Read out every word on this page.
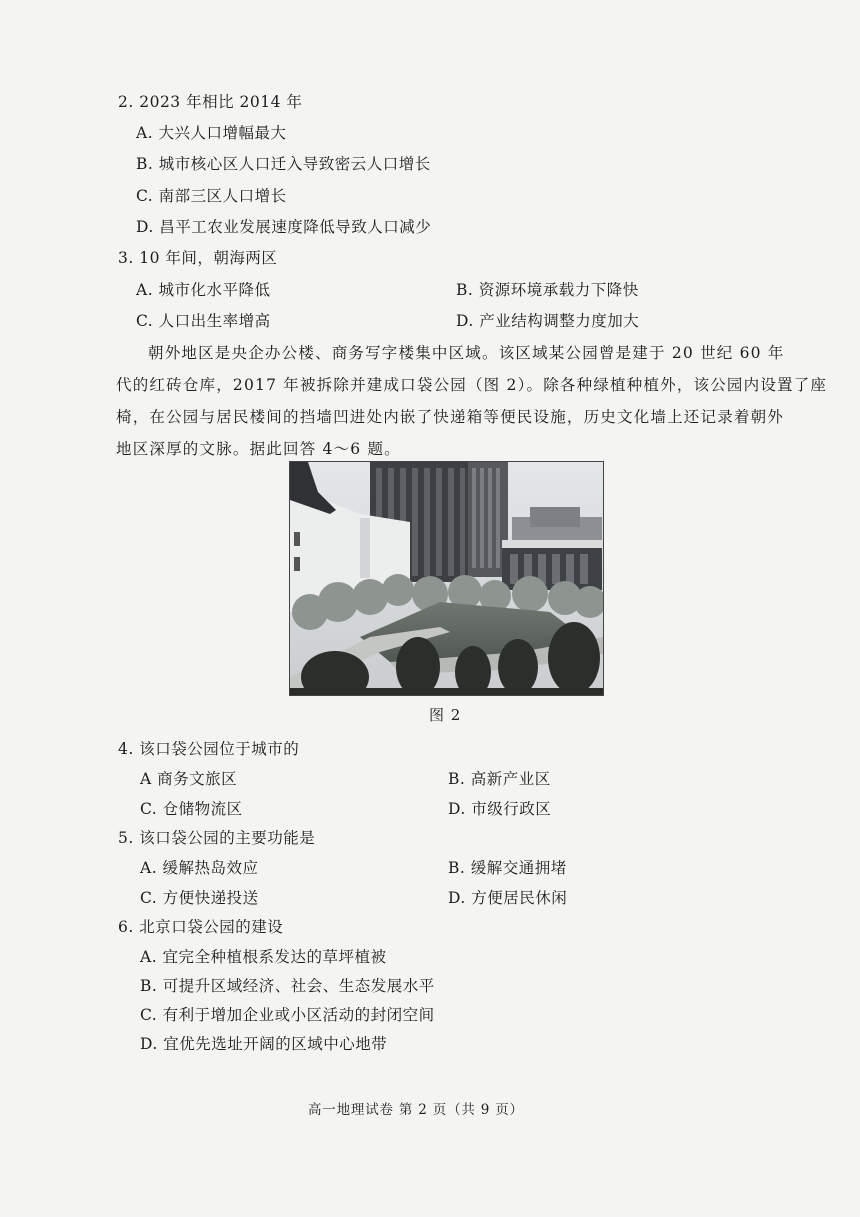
2. 2023 年相比 2014 年
A. 大兴人口增幅最大
B. 城市核心区人口迁入导致密云人口增长
C. 南部三区人口增长
D. 昌平工农业发展速度降低导致人口减少
3. 10 年间，朝海两区
A. 城市化水平降低	B. 资源环境承载力下降快
C. 人口出生率增高	D. 产业结构调整力度加大
朝外地区是央企办公楼、商务写字楼集中区域。该区域某公园曾是建于 20 世纪 60 年
代的红砖仓库，2017 年被拆除并建成口袋公园（图 2）。除各种绿植种植外，该公园内设置了座
椅，在公园与居民楼间的挡墙凹进处内嵌了快递箱等便民设施，历史文化墙上还记录着朝外
地区深厚的文脉。据此回答 4～6 题。
图 2
4. 该口袋公园位于城市的
A 商务文旅区	B. 高新产业区
C. 仓储物流区	D. 市级行政区
5. 该口袋公园的主要功能是
A. 缓解热岛效应	B. 缓解交通拥堵
C. 方便快递投送	D. 方便居民休闲
6. 北京口袋公园的建设
A. 宜完全种植根系发达的草坪植被
B. 可提升区域经济、社会、生态发展水平
C. 有利于增加企业或小区活动的封闭空间
D. 宜优先选址开阔的区域中心地带
高一地理试卷 第 2 页（共 9 页）
